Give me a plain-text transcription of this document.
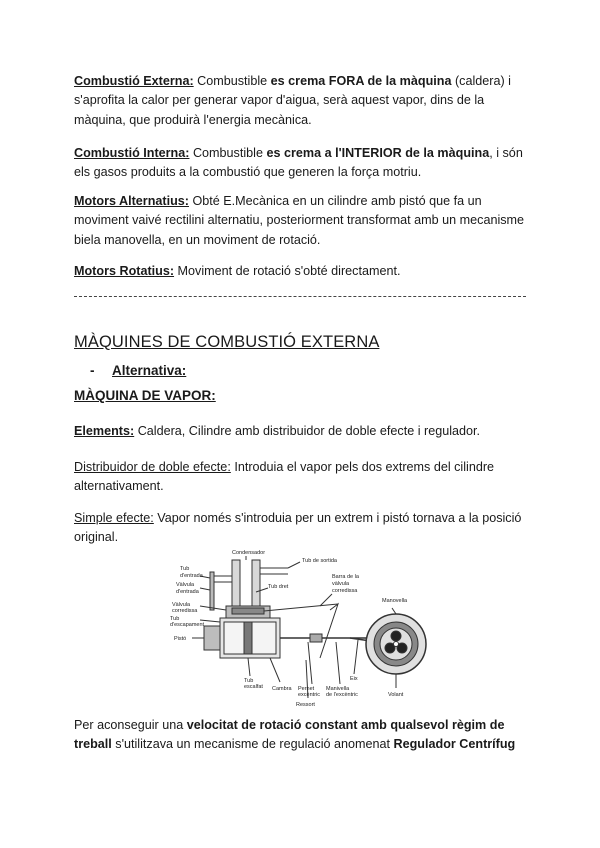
Combustió Externa: Combustible es crema FORA de la màquina (caldera) i s'aprofita la calor per generar vapor d'aigua, serà aquest vapor, dins de la màquina, que produirà l'energia mecànica.

Combustió Interna: Combustible es crema a l'INTERIOR de la màquina, i són els gasos produits a la combustió que generen la força motriu.

Motors Alternatius: Obté E.Mecànica en un cilindre amb pistó que fa un moviment vaivé rectilini alternatiu, posteriorment transformat amb un mecanisme biela manovella, en un moviment de rotació.

Motors Rotatius: Moviment de rotació s'obté directament.

MÀQUINES DE COMBUSTIÓ EXTERNA
- Alternativa:
MÀQUINA DE VAPOR:

Elements: Caldera, Cilindre amb distribuidor de doble efecte i regulador.

Distribuidor de doble efecte: Introduia el vapor pels dos extrems del cilindre alternativament.

Simple efecte: Vapor només s'introduia per un extrem i pistó tornava a la posició original.

Condensador
Tub de sortida
Tub
d'entrada
Vàlvula
d'entrada
Tub dret
Barra de la
vàlvula
corredissa
Vàlvula
corredissa
Tub
d'escapament
Pistó
Tub
escalfat Cambra Pernet
excèntric
Manivella
de l'excèntric
Eix
Manovella
Volant
Ressort

Per aconseguir una velocitat de rotació constant amb qualsevol règim de treball s'utilitzava un mecanisme de regulació anomenat Regulador Centrífug
